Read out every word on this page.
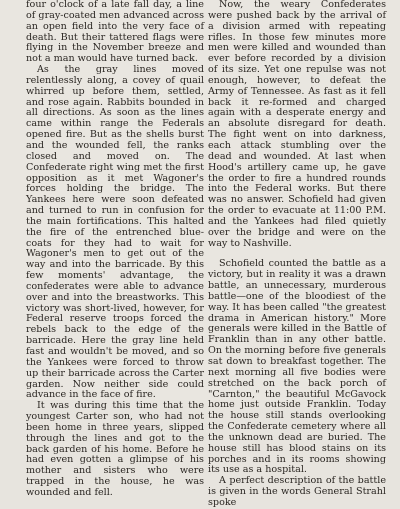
four o'clock of a late fall day, a line of gray-coated men advanced across an open field into the very face of death. But their tattered flags were flying in the November breeze and not a man would have turned back.

As the gray lines moved relentlessly along, a covey of quail whirred up before them, settled, and rose again. Rabbits bounded in all directions. As soon as the lines came within range the Federals opened fire. But as the shells burst and the wounded fell, the ranks closed and moved on. The Confederate right wing met the first opposition as it met Wagoner's forces holding the bridge. The Yankees here were soon defeated and turned to run in confusion for the main fortifications. This halted the fire of the entrenched blue-coats for they had to wait for Wagoner's men to get out of the way and into the barricade. By this few moments' advantage, the confederates were able to advance over and into the breastworks. This victory was short-lived, however, for Federal reserve troops forced the rebels back to the edge of the barricade. Here the gray line held fast and wouldn't be moved, and so the Yankees were forced to throw up their barricade across the Carter garden. Now neither side could advance in the face of fire.

It was during this time that the youngest Carter son, who had not been home in three years, slipped through the lines and got to the back garden of his home. Before he had even gotten a glimpse of his mother and sisters who were trapped in the house, he was wounded and fell.

Now, the weary Confederates were pushed back by the arrival of a division armed with repeating rifles. In those few minutes more men were killed and wounded than ever before recorded by a division of its size. Yet one repulse was not enough, however, to defeat the Army of Tennessee. As fast as it fell back it re-formed and charged again with a desperate energy and an absolute disregard for death. The fight went on into darkness, each attack stumbling over the dead and wounded. At last when Hood's artillery came up, he gave the order to fire a hundred rounds into the Federal works. But there was no answer. Schofield had given the order to evacuate at 11:00 P.M. and the Yankees had filed quietly over the bridge and were on the way to Nashville.

Schofield counted the battle as a victory, but in reality it was a drawn battle, an unnecessary, murderous battle—one of the bloodiest of the way. It has been called "the greatest drama in American history." More generals were killed in the Battle of Franklin than in any other battle. On the morning before five generals sat down to breakfast together. The next morning all five bodies were stretched on the back porch of "Carnton," the beautiful McGavock home just outside Franklin. Today the house still stands overlooking the Confederate cemetery where all the unknown dead are buried. The house still has blood stains on its porches and in its rooms showing its use as a hospital.

A perfect description of the battle is given in the words General Strahl spoke
